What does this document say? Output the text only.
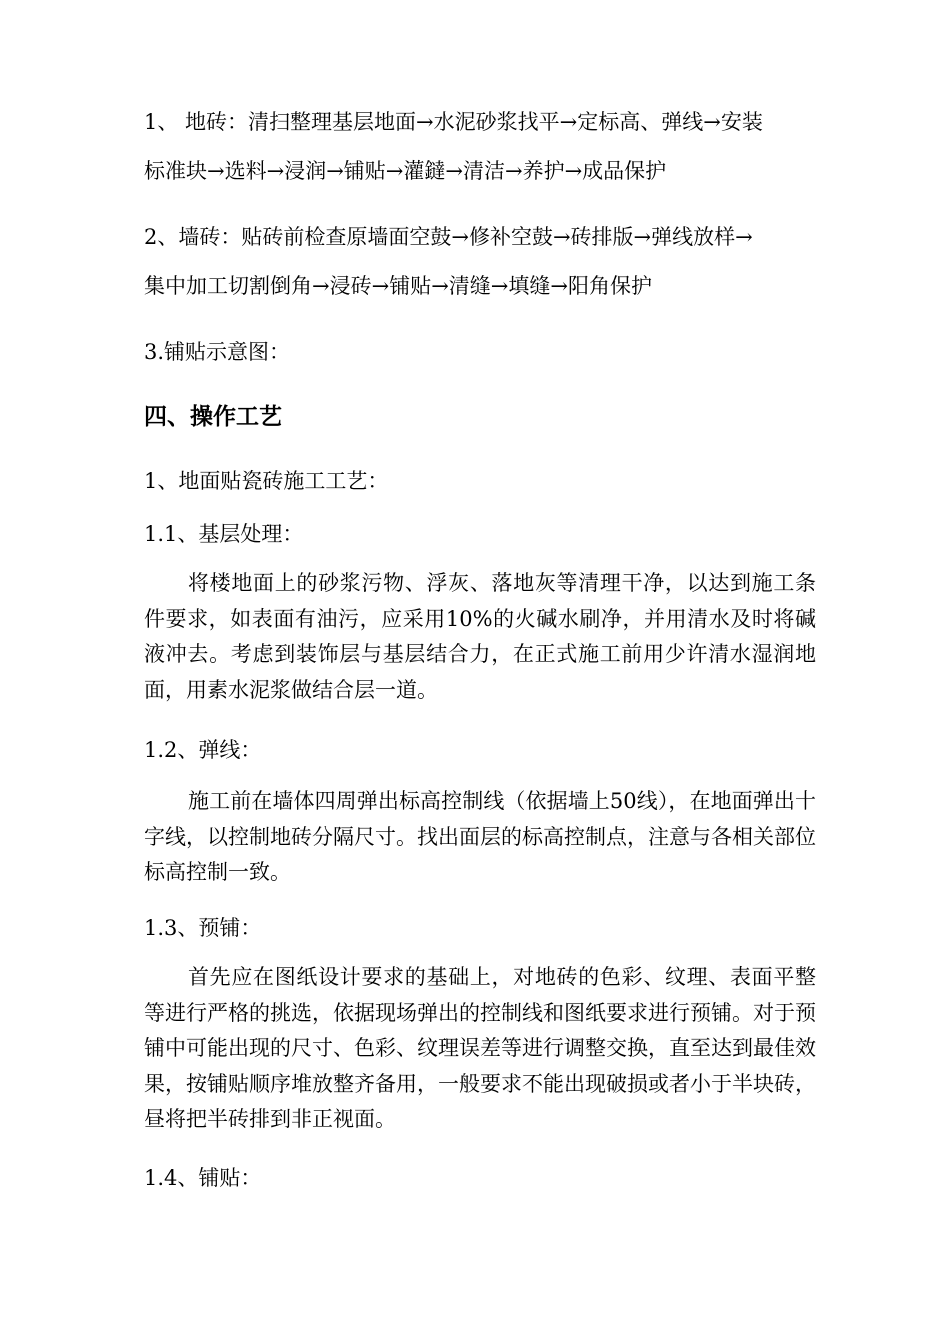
1、 地砖：清扫整理基层地面→水泥砂浆找平→定标高、弹线→安装
标准块→选料→浸润→铺贴→灌鐽→清洁→养护→成品保护
2、墙砖：贴砖前检查原墙面空鼓→修补空鼓→砖排版→弹线放样→
集中加工切割倒角→浸砖→铺贴→清缝→填缝→阳角保护
3.铺贴示意图：
四、操作工艺
1、地面贴瓷砖施工工艺：
1.1、基层处理：
将楼地面上的砂浆污物、浮灰、落地灰等清理干净，以达到施工条件要求，如表面有油污，应采用10%的火碱水刷净，并用清水及时将碱液冲去。考虑到装饰层与基层结合力，在正式施工前用少许清水湿润地面，用素水泥浆做结合层一道。
1.2、弹线：
施工前在墙体四周弹出标高控制线（依据墙上50线），在地面弹出十字线，以控制地砖分隔尺寸。找出面层的标高控制点，注意与各相关部位标高控制一致。
1.3、预铺：
首先应在图纸设计要求的基础上，对地砖的色彩、纹理、表面平整等进行严格的挑选，依据现场弹出的控制线和图纸要求进行预铺。对于预铺中可能出现的尺寸、色彩、纹理误差等进行调整交换，直至达到最佳效果，按铺贴顺序堆放整齐备用，一般要求不能出现破损或者小于半块砖，昼将把半砖排到非正视面。
1.4、铺贴：
